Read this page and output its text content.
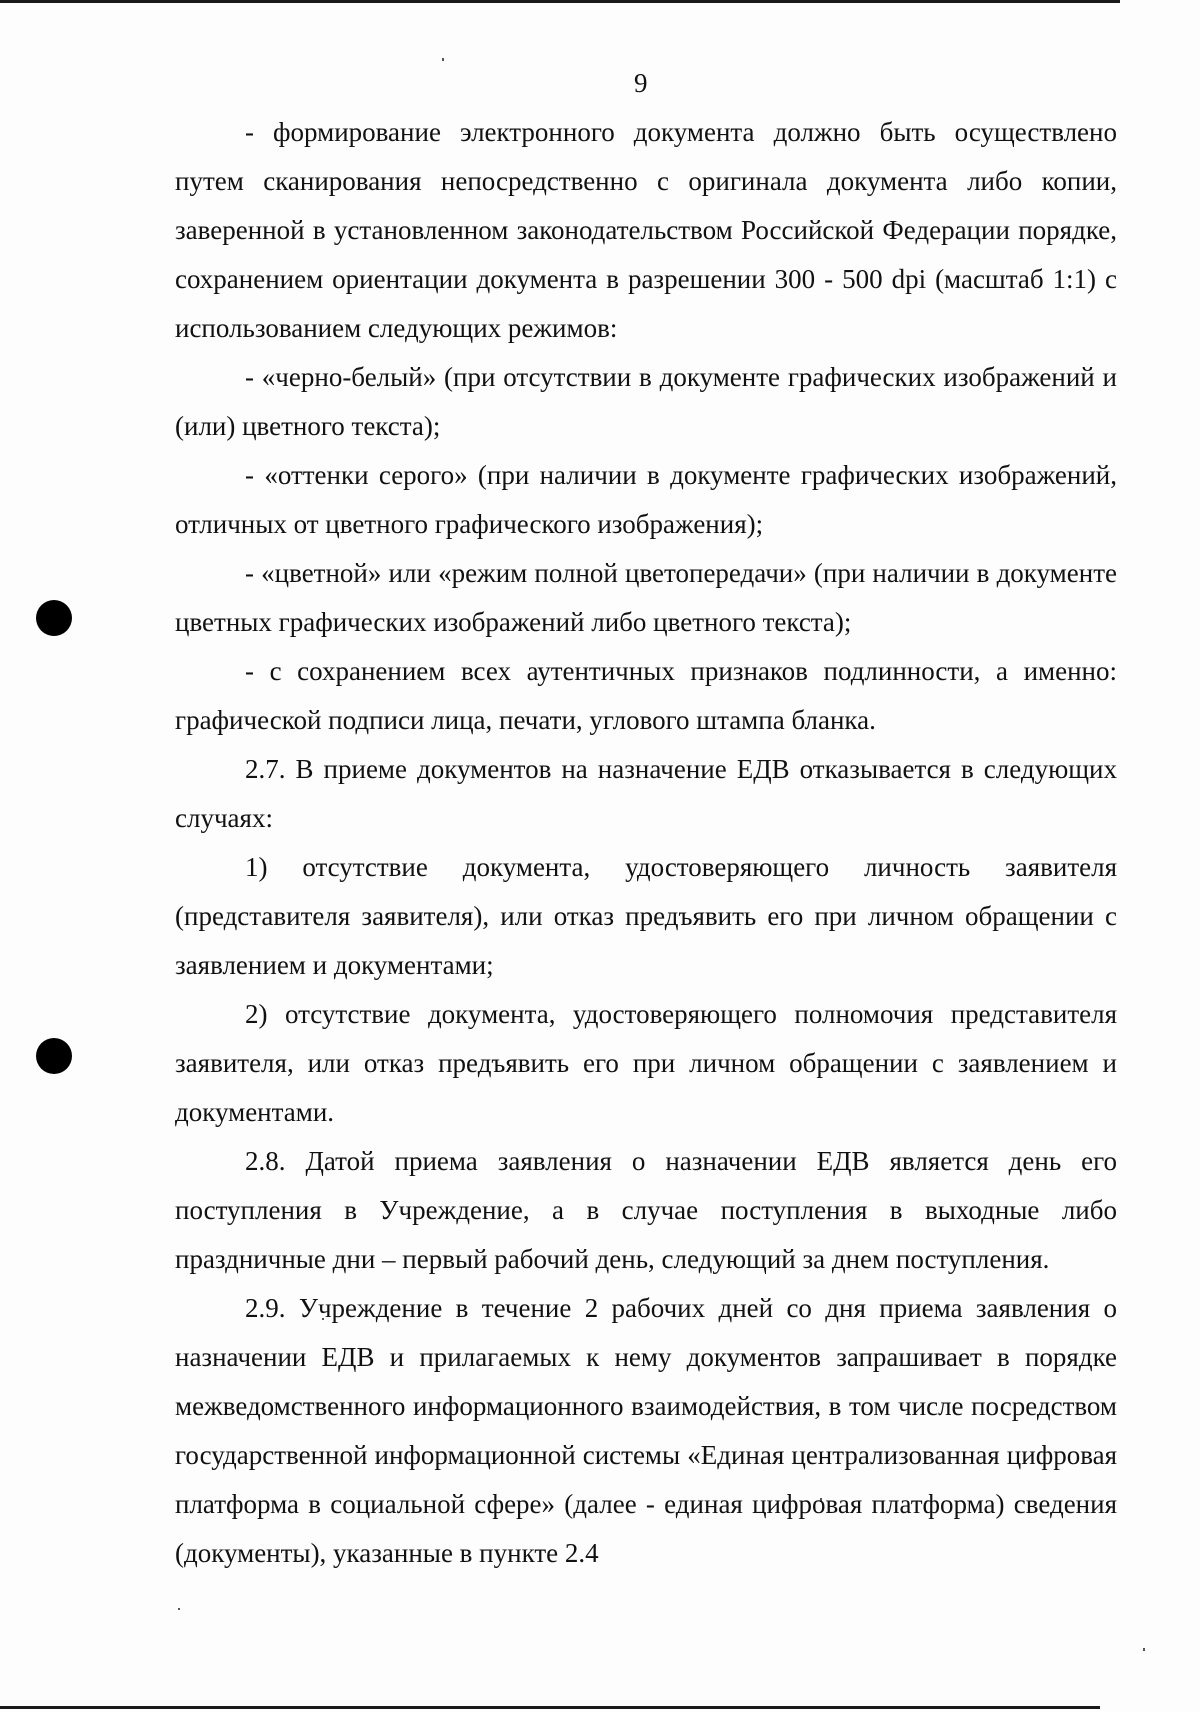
9

- формирование электронного документа должно быть осуществлено путем сканирования непосредственно с оригинала документа либо копии, заверенной в установленном законодательством Российской Федерации порядке, сохранением ориентации документа в разрешении 300 - 500 dpi (масштаб 1:1) с использованием следующих режимов:

- «черно-белый» (при отсутствии в документе графических изображений и (или) цветного текста);

- «оттенки серого» (при наличии в документе графических изображений, отличных от цветного графического изображения);

- «цветной» или «режим полной цветопередачи» (при наличии в документе цветных графических изображений либо цветного текста);

- с сохранением всех аутентичных признаков подлинности, а именно: графической подписи лица, печати, углового штампа бланка.

2.7. В приеме документов на назначение ЕДВ отказывается в следующих случаях:

1) отсутствие документа, удостоверяющего личность заявителя (представителя заявителя), или отказ предъявить его при личном обращении с заявлением и документами;

2) отсутствие документа, удостоверяющего полномочия представителя заявителя, или отказ предъявить его при личном обращении с заявлением и документами.

2.8. Датой приема заявления о назначении ЕДВ является день его поступления в Учреждение, а в случае поступления в выходные либо праздничные дни – первый рабочий день, следующий за днем поступления.

2.9. Учреждение в течение 2 рабочих дней со дня приема заявления о назначении ЕДВ и прилагаемых к нему документов запрашивает в порядке межведомственного информационного взаимодействия, в том числе посредством государственной информационной системы «Единая централизованная цифровая платформа в социальной сфере» (далее - единая цифровая платформа) сведения (документы), указанные в пункте 2.4
